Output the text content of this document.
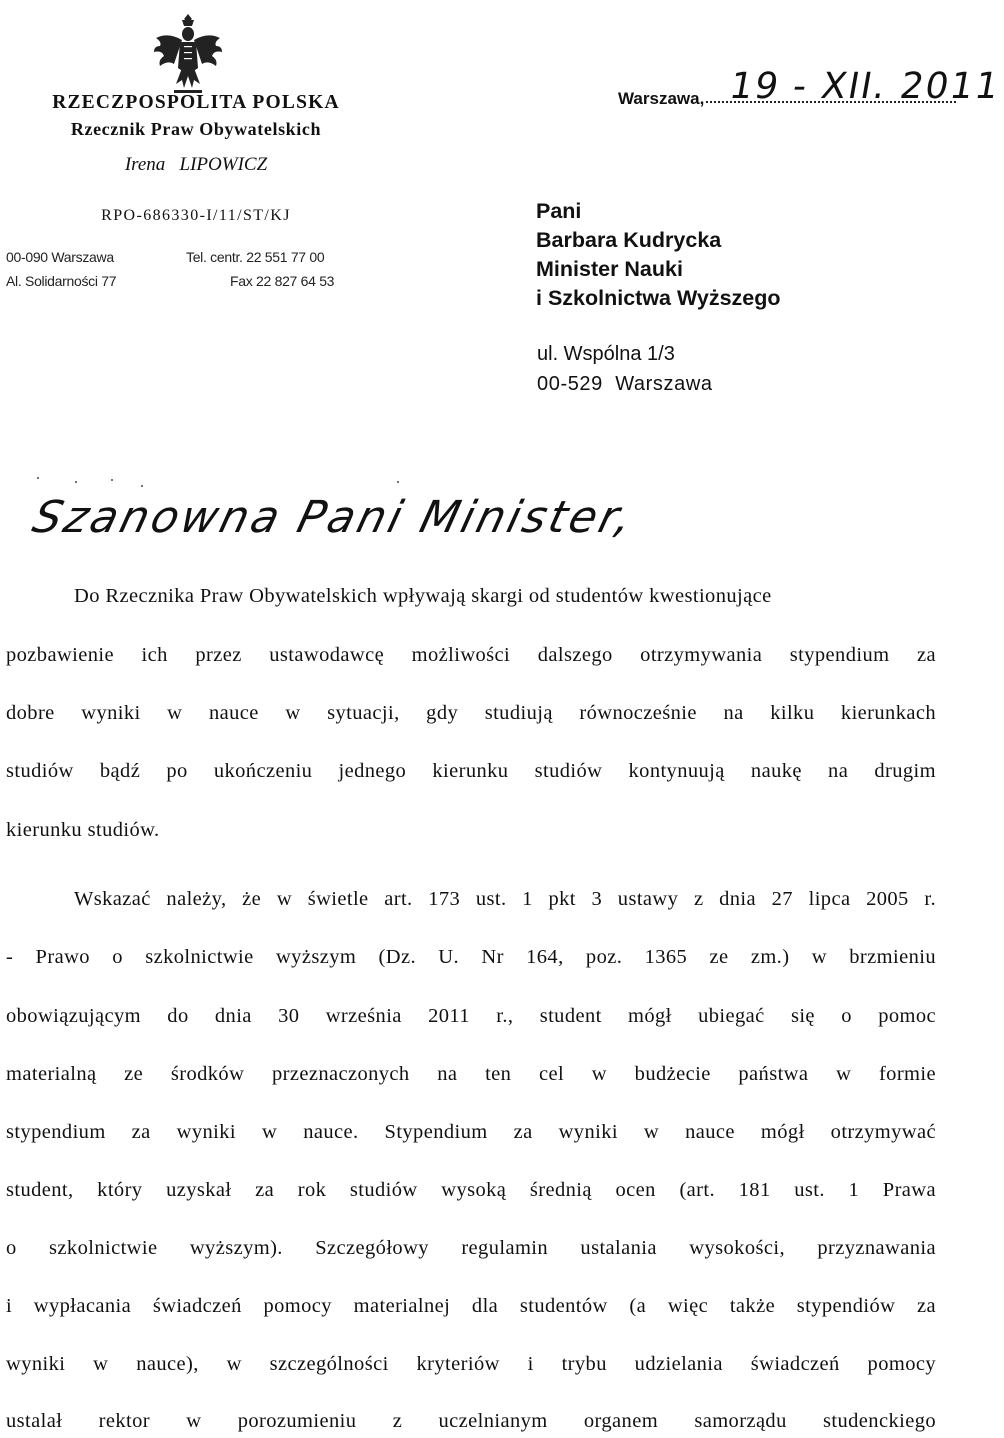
RZECZPOSPOLITA POLSKA
Rzecznik Praw Obywatelskich
Irena   LIPOWICZ
RPO-686330-I/11/ST/KJ
00-090 Warszawa
Al. Solidarności 77
Tel. centr. 22 551 77 00
Fax 22 827 64 53
Warszawa, 19 - XII. 2011
Pani
Barbara Kudrycka
Minister Nauki
i Szkolnictwa Wyższego
ul. Wspólna 1/3
00-529  Warszawa
Szanowna Pani Minister,
Do Rzecznika Praw Obywatelskich wpływają skargi od studentów kwestionujące
pozbawienie ich przez ustawodawcę możliwości dalszego otrzymywania stypendium za
dobre wyniki w nauce w sytuacji, gdy studiują równocześnie na kilku kierunkach
studiów bądź po ukończeniu jednego kierunku studiów kontynuują naukę na drugim
kierunku studiów.
Wskazać należy, że w świetle art. 173 ust. 1 pkt 3 ustawy z dnia 27 lipca 2005 r.
- Prawo o szkolnictwie wyższym (Dz. U. Nr 164, poz. 1365 ze zm.) w brzmieniu
obowiązującym do dnia 30 września 2011 r., student mógł ubiegać się o pomoc
materialną ze środków przeznaczonych na ten cel w budżecie państwa w formie
stypendium za wyniki w nauce. Stypendium za wyniki w nauce mógł otrzymywać
student, który uzyskał za rok studiów wysoką średnią ocen (art. 181 ust. 1 Prawa
o szkolnictwie wyższym). Szczegółowy regulamin ustalania wysokości, przyznawania
i wypłacania świadczeń pomocy materialnej dla studentów (a więc także stypendiów za
wyniki w nauce), w szczególności kryteriów i trybu udzielania świadczeń pomocy
ustalał rektor w porozumieniu z uczelnianym organem samorządu studenckiego
